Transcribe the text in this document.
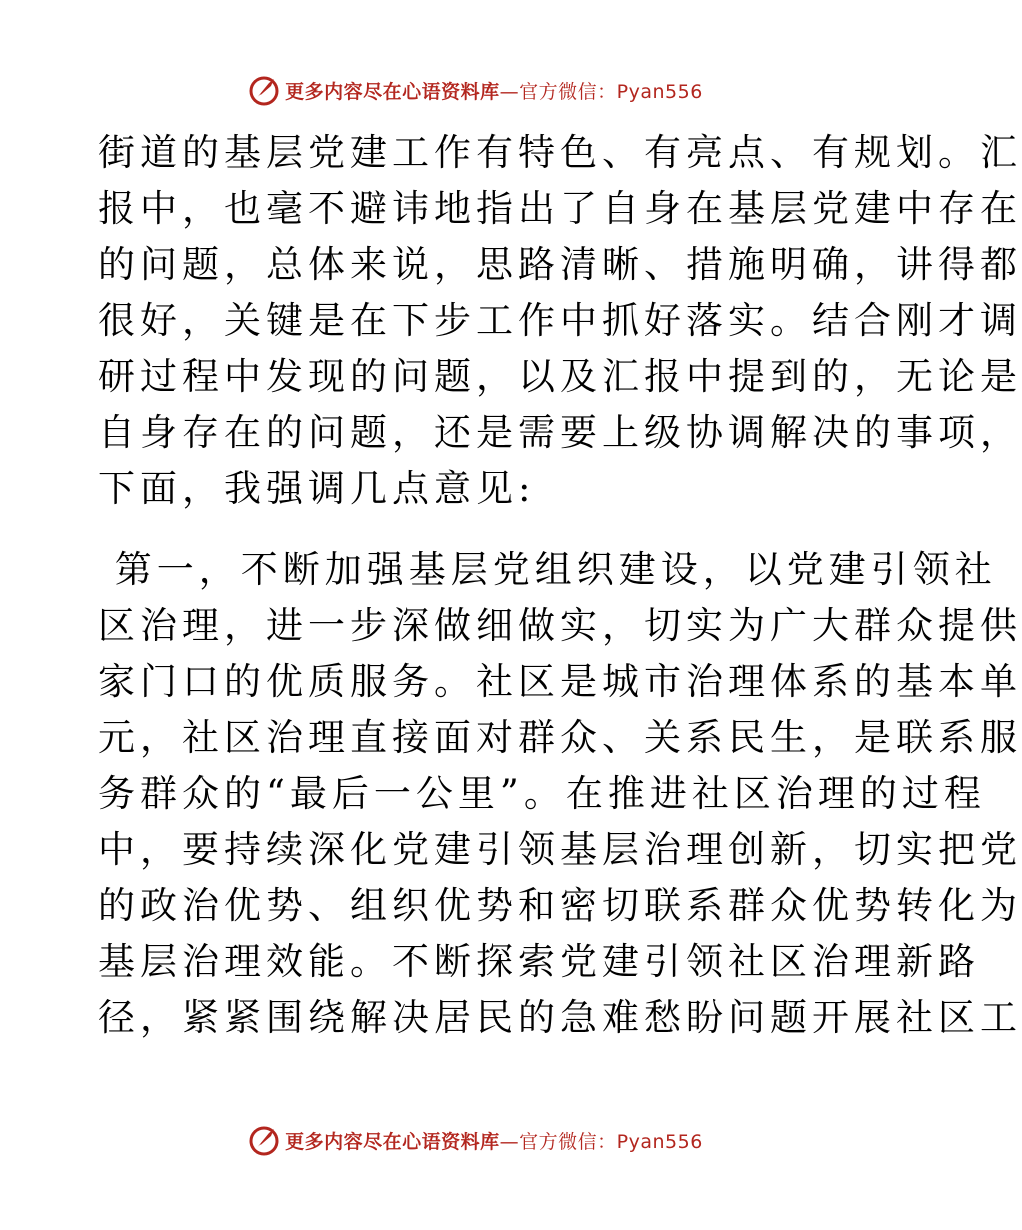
更多内容尽在心语资料库—官方微信：Pyan556
街道的基层党建工作有特色、有亮点、有规划。汇
报中，也毫不避讳地指出了自身在基层党建中存在
的问题，总体来说，思路清晰、措施明确，讲得都
很好，关键是在下步工作中抓好落实。结合刚才调
研过程中发现的问题，以及汇报中提到的，无论是
自身存在的问题，还是需要上级协调解决的事项，
下面，我强调几点意见:
第一，不断加强基层党组织建设，以党建引领社
区治理，进一步深做细做实，切实为广大群众提供
家门口的优质服务。社区是城市治理体系的基本单
元，社区治理直接面对群众、关系民生，是联系服
务群众的“最后一公里”。在推进社区治理的过程
中，要持续深化党建引领基层治理创新，切实把党
的政治优势、组织优势和密切联系群众优势转化为
基层治理效能。不断探索党建引领社区治理新路
径，紧紧围绕解决居民的急难愁盼问题开展社区工
更多内容尽在心语资料库—官方微信：Pyan556
